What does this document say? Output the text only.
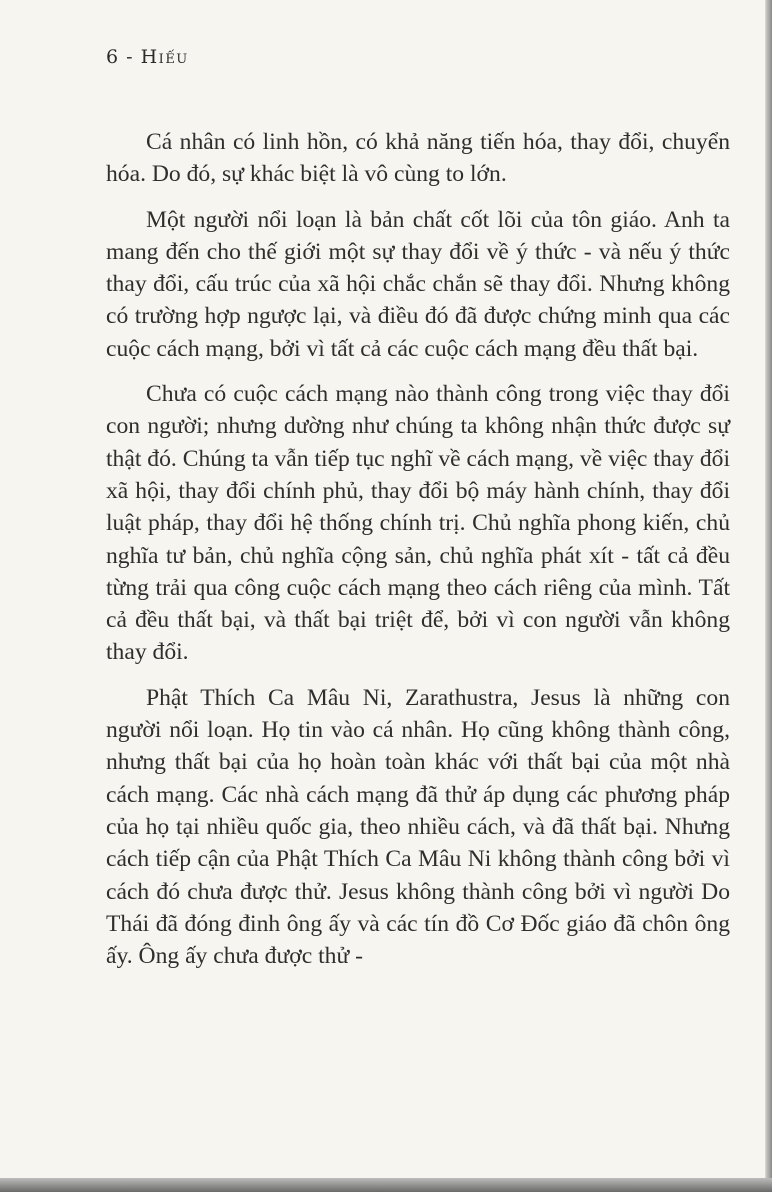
6 - Hiếu

Cá nhân có linh hồn, có khả năng tiến hóa, thay đổi, chuyển hóa. Do đó, sự khác biệt là vô cùng to lớn.

Một người nổi loạn là bản chất cốt lõi của tôn giáo. Anh ta mang đến cho thế giới một sự thay đổi về ý thức - và nếu ý thức thay đổi, cấu trúc của xã hội chắc chắn sẽ thay đổi. Nhưng không có trường hợp ngược lại, và điều đó đã được chứng minh qua các cuộc cách mạng, bởi vì tất cả các cuộc cách mạng đều thất bại.

Chưa có cuộc cách mạng nào thành công trong việc thay đổi con người; nhưng dường như chúng ta không nhận thức được sự thật đó. Chúng ta vẫn tiếp tục nghĩ về cách mạng, về việc thay đổi xã hội, thay đổi chính phủ, thay đổi bộ máy hành chính, thay đổi luật pháp, thay đổi hệ thống chính trị. Chủ nghĩa phong kiến, chủ nghĩa tư bản, chủ nghĩa cộng sản, chủ nghĩa phát xít - tất cả đều từng trải qua công cuộc cách mạng theo cách riêng của mình. Tất cả đều thất bại, và thất bại triệt để, bởi vì con người vẫn không thay đổi.

Phật Thích Ca Mâu Ni, Zarathustra, Jesus là những con người nổi loạn. Họ tin vào cá nhân. Họ cũng không thành công, nhưng thất bại của họ hoàn toàn khác với thất bại của một nhà cách mạng. Các nhà cách mạng đã thử áp dụng các phương pháp của họ tại nhiều quốc gia, theo nhiều cách, và đã thất bại. Nhưng cách tiếp cận của Phật Thích Ca Mâu Ni không thành công bởi vì cách đó chưa được thử. Jesus không thành công bởi vì người Do Thái đã đóng đinh ông ấy và các tín đồ Cơ Đốc giáo đã chôn ông ấy. Ông ấy chưa được thử -
